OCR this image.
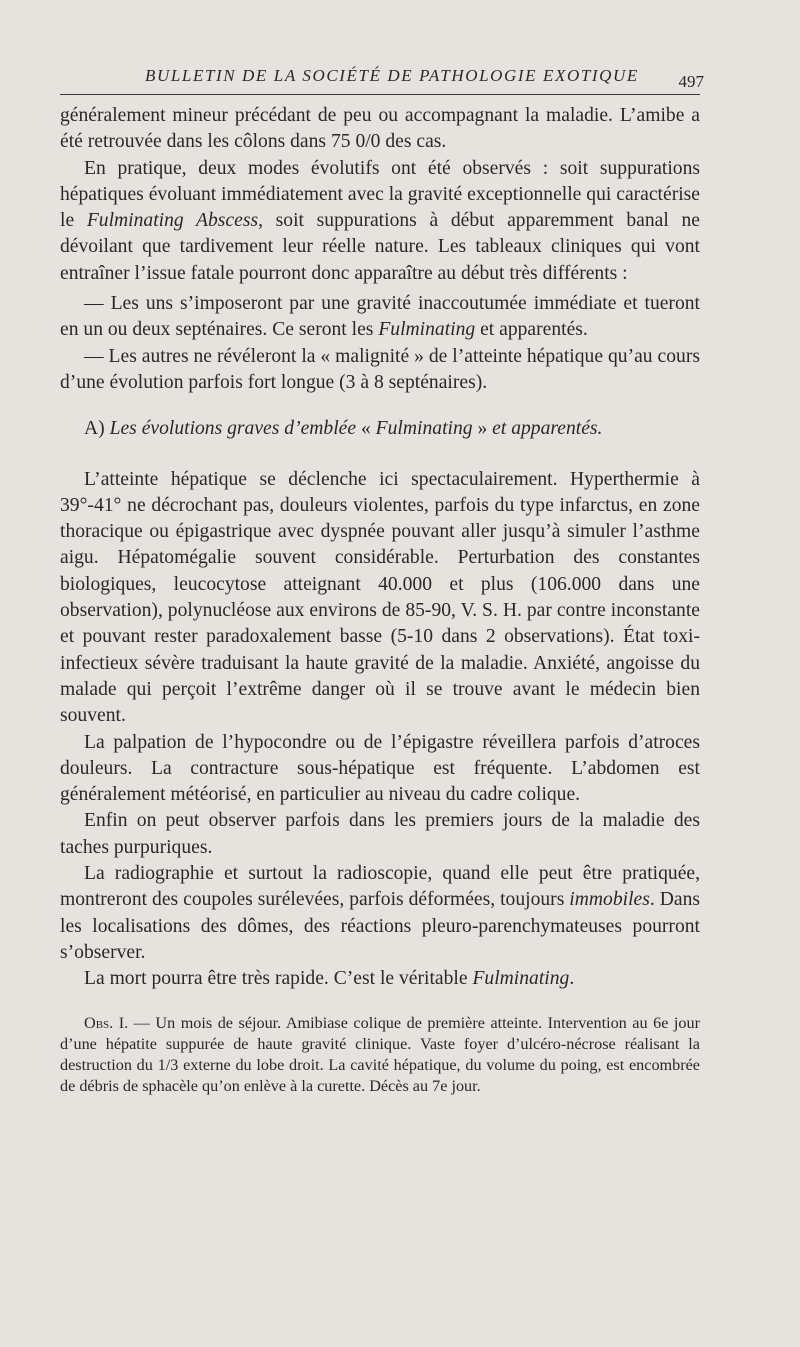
BULLETIN DE LA SOCIÉTÉ DE PATHOLOGIE EXOTIQUE 497

généralement mineur précédant de peu ou accompagnant la maladie. L’amibe a été retrouvée dans les côlons dans 75 0/0 des cas.

En pratique, deux modes évolutifs ont été observés : soit suppurations hépatiques évoluant immédiatement avec la gravité exceptionnelle qui caractérise le Fulminating Abscess, soit suppurations à début apparemment banal ne dévoilant que tardivement leur réelle nature. Les tableaux cliniques qui vont entraîner l’issue fatale pourront donc apparaître au début très différents :

— Les uns s’imposeront par une gravité inaccoutumée immédiate et tueront en un ou deux septénaires. Ce seront les Fulminating et apparentés.

— Les autres ne révéleront la « malignité » de l’atteinte hépatique qu’au cours d’une évolution parfois fort longue (3 à 8 septénaires).

A) Les évolutions graves d’emblée « Fulminating » et apparentés.

L’atteinte hépatique se déclenche ici spectaculairement. Hyperthermie à 39°-41° ne décrochant pas, douleurs violentes, parfois du type infarctus, en zone thoracique ou épigastrique avec dyspnée pouvant aller jusqu’à simuler l’asthme aigu. Hépatomégalie souvent considérable. Perturbation des constantes biologiques, leucocytose atteignant 40.000 et plus (106.000 dans une observation), polynucléose aux environs de 85-90, V. S. H. par contre inconstante et pouvant rester paradoxalement basse (5-10 dans 2 observations). État toxi-infectieux sévère traduisant la haute gravité de la maladie. Anxiété, angoisse du malade qui perçoit l’extrême danger où il se trouve avant le médecin bien souvent.

La palpation de l’hypocondre ou de l’épigastre réveillera parfois d’atroces douleurs. La contracture sous-hépatique est fréquente. L’abdomen est généralement météorisé, en particulier au niveau du cadre colique.

Enfin on peut observer parfois dans les premiers jours de la maladie des taches purpuriques.

La radiographie et surtout la radioscopie, quand elle peut être pratiquée, montreront des coupoles surélevées, parfois déformées, toujours immobiles. Dans les localisations des dômes, des réactions pleuro-parenchymateuses pourront s’observer.

La mort pourra être très rapide. C’est le véritable Fulminating.

Obs. I. — Un mois de séjour. Amibiase colique de première atteinte. Intervention au 6e jour d’une hépatite suppurée de haute gravité clinique. Vaste foyer d’ulcéro-nécrose réalisant la destruction du 1/3 externe du lobe droit. La cavité hépatique, du volume du poing, est encombrée de débris de sphacèle qu’on enlève à la curette. Décès au 7e jour.
